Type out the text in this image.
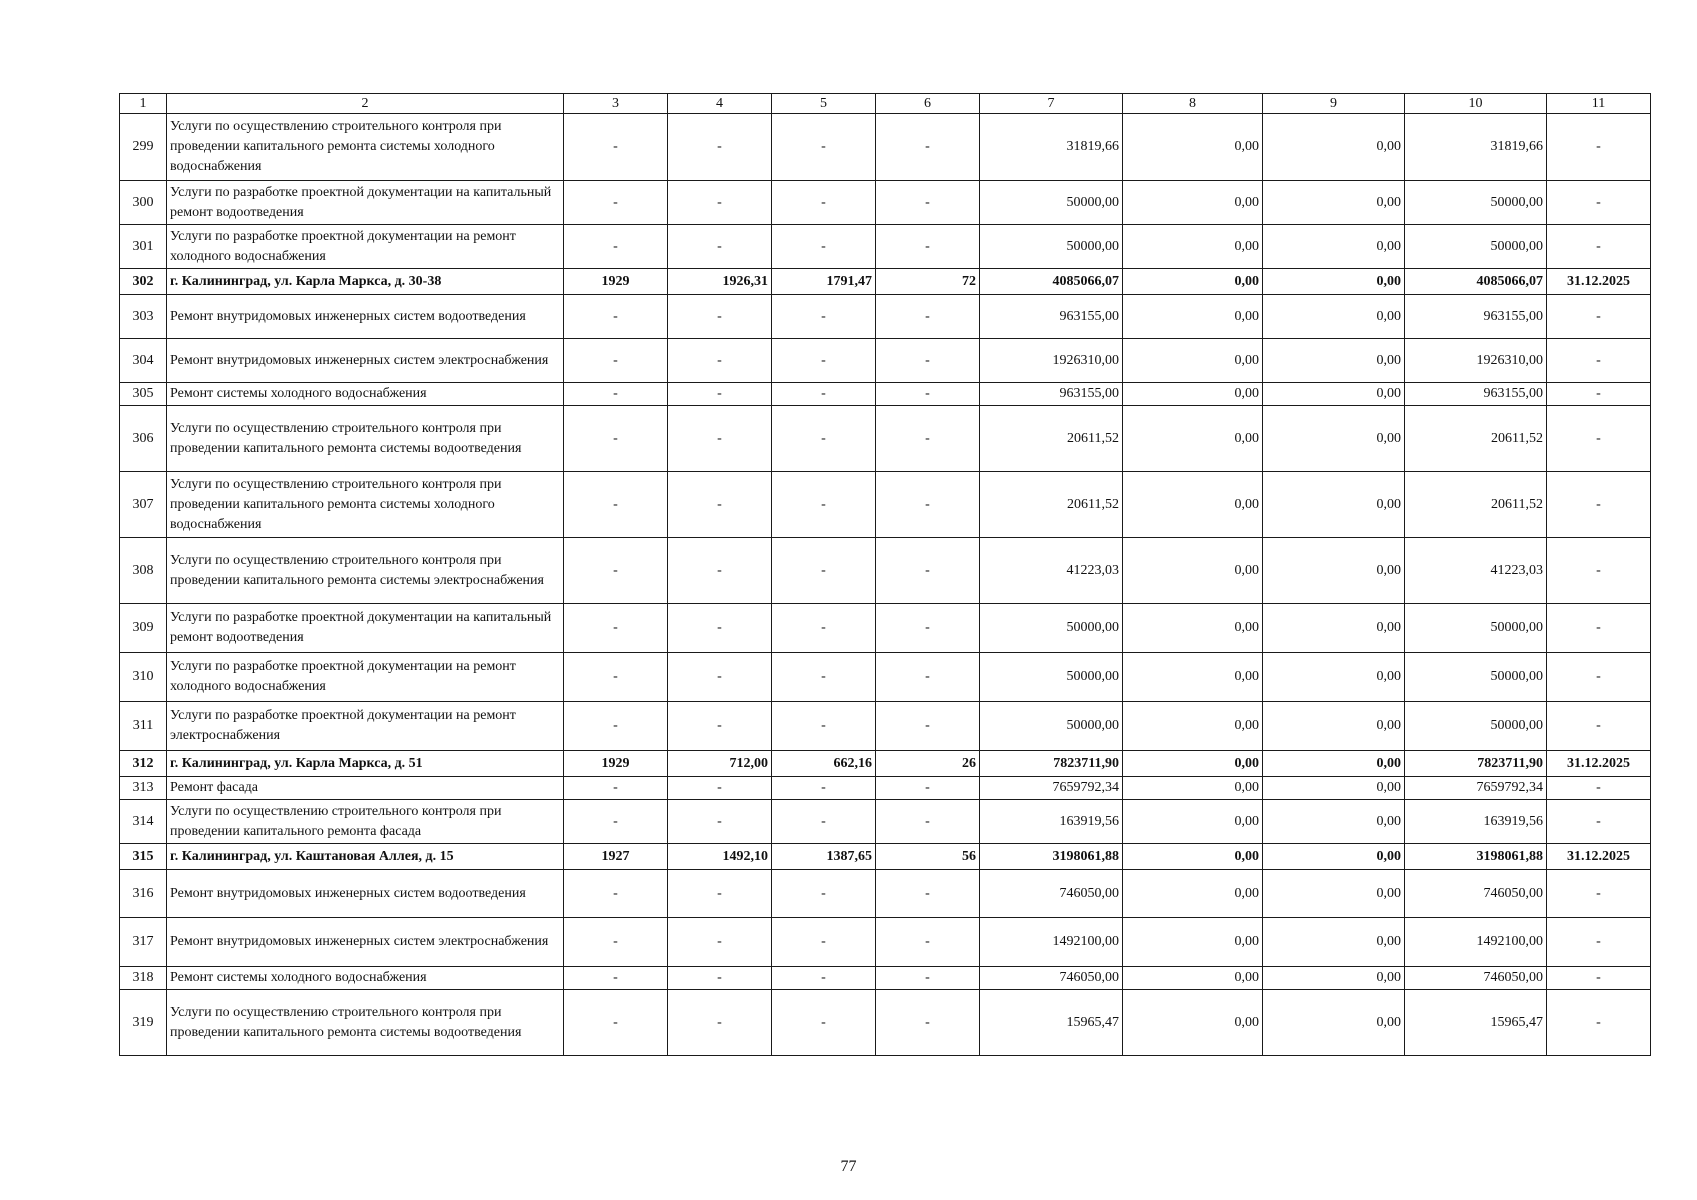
1	2	3	4	5	6	7	8	9	10	11
299	Услуги по осуществлению строительного контроля при проведении капитального ремонта системы холодного водоснабжения	-	-	-	-	31819,66	0,00	0,00	31819,66	-
300	Услуги по разработке проектной документации на капитальный ремонт водоотведения	-	-	-	-	50000,00	0,00	0,00	50000,00	-
301	Услуги по разработке проектной документации на ремонт холодного водоснабжения	-	-	-	-	50000,00	0,00	0,00	50000,00	-
302	г. Калининград, ул. Карла Маркса, д. 30-38	1929	1926,31	1791,47	72	4085066,07	0,00	0,00	4085066,07	31.12.2025
303	Ремонт внутридомовых инженерных систем водоотведения	-	-	-	-	963155,00	0,00	0,00	963155,00	-
304	Ремонт внутридомовых инженерных систем электроснабжения	-	-	-	-	1926310,00	0,00	0,00	1926310,00	-
305	Ремонт системы холодного водоснабжения	-	-	-	-	963155,00	0,00	0,00	963155,00	-
306	Услуги по осуществлению строительного контроля при проведении капитального ремонта системы водоотведения	-	-	-	-	20611,52	0,00	0,00	20611,52	-
307	Услуги по осуществлению строительного контроля при проведении капитального ремонта системы холодного водоснабжения	-	-	-	-	20611,52	0,00	0,00	20611,52	-
308	Услуги по осуществлению строительного контроля при проведении капитального ремонта системы электроснабжения	-	-	-	-	41223,03	0,00	0,00	41223,03	-
309	Услуги по разработке проектной документации на капитальный ремонт водоотведения	-	-	-	-	50000,00	0,00	0,00	50000,00	-
310	Услуги по разработке проектной документации на ремонт холодного водоснабжения	-	-	-	-	50000,00	0,00	0,00	50000,00	-
311	Услуги по разработке проектной документации на ремонт электроснабжения	-	-	-	-	50000,00	0,00	0,00	50000,00	-
312	г. Калининград, ул. Карла Маркса, д. 51	1929	712,00	662,16	26	7823711,90	0,00	0,00	7823711,90	31.12.2025
313	Ремонт фасада	-	-	-	-	7659792,34	0,00	0,00	7659792,34	-
314	Услуги по осуществлению строительного контроля при проведении капитального ремонта фасада	-	-	-	-	163919,56	0,00	0,00	163919,56	-
315	г. Калининград, ул. Каштановая Аллея, д. 15	1927	1492,10	1387,65	56	3198061,88	0,00	0,00	3198061,88	31.12.2025
316	Ремонт внутридомовых инженерных систем водоотведения	-	-	-	-	746050,00	0,00	0,00	746050,00	-
317	Ремонт внутридомовых инженерных систем электроснабжения	-	-	-	-	1492100,00	0,00	0,00	1492100,00	-
318	Ремонт системы холодного водоснабжения	-	-	-	-	746050,00	0,00	0,00	746050,00	-
319	Услуги по осуществлению строительного контроля при проведении капитального ремонта системы водоотведения	-	-	-	-	15965,47	0,00	0,00	15965,47	-
77
